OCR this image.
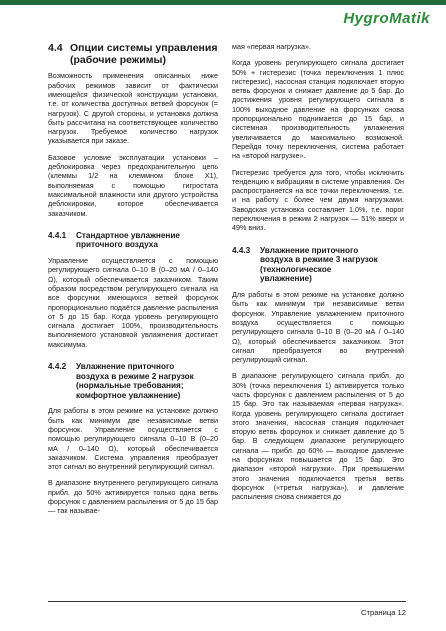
HygroMatik
4.4 Опции системы управления (рабочие режимы)

Возможность применения описанных ниже рабочих режимов зависит от фактически имеющейся физической конструкции установки, т.е. от количества доступных ветвей форсунок (= нагрузок). С другой стороны, и установка должна быть рассчитана на соответствующее количество нагрузок. Требуемое количество нагрузок указывается при заказе.

Базовое условие эксплуатации установки – деблокировка через предохранительную цепь (клеммы 1/2 на клеммном блоке X1), выполняемая с помощью гигростата максимальной влажности или другого устройства деблокировки, которое обеспечивается заказчиком.

4.4.1	Стандартное увлажнение
приточного воздуха

Управление осуществляется с помощью регулирующего сигнала 0–10 В (0–20 мА / 0–140 Ω), который обеспечивается заказчиком. Таким образом посредством регулирующего сигнала на все форсунки имеющихся ветвей форсунок пропорционально подаётся давление распыления от 5 до 15 бар. Когда уровень регулирующего сигнала достигает 100%, производительность выполняемого установкой увлажнения достигает максимума.

4.4.2	Увлажнение приточного
воздуха в режиме 2 нагрузок
(нормальные требования;
комфортное увлажнение)

Для работы в этом режиме на установке должно быть как минимум две независимые ветви форсунок. Управление осуществляется с помощью регулирующего сигнала 0–10 В (0–20 мА / 0–140 Ω), который обеспечивается заказчиком. Система управления преобразует этот сигнал во внутренний регулирующий сигнал.

В диапазоне внутреннего регулирующего сигнала прибл. до 50% активируется только одна ветвь форсунок с давлением распыления от 5 до 15 бар — так называе-

мая «первая нагрузка».

Когда уровень регулирующего сигнала достигает 50% + гистерезис (точка переключения 1 плюс гистерезис), насосная станция подключает вторую ветвь форсунок и снижает давление до 5 бар. До достижения уровня регулирующего сигнала в 100% выходное давление на форсунках снова пропорционально поднимается до 15 бар, и системная производительность увлажнения увеличивается до максимально возможной. Перейдя точку переключения, система работает на «второй нагрузке».

Гистерезис требуется для того, чтобы исключить тенденцию к вибрациям в системе управления. Он распространяется на все точки переключения, т.е. и на работу с более чем двумя нагрузками. Заводская установка составляет 1,0%, т.е. порог переключения в режим 2 нагрузок — 51% вверх и 49% вниз.

4.4.3	Увлажнение приточного
воздуха в режиме 3 нагрузок
(технологическое
увлажнение)

Для работы в этом режиме на установке должно быть как минимум три независимые ветви форсунок. Управление увлажнением приточного воздуха осуществляется с помощью регулирующего сигнала 0–10 В (0–20 мА / 0–140 Ω), который обеспечивается заказчиком. Этот сигнал преобразуется во внутренний регулирующий сигнал.

В диапазоне регулирующего сигнала прибл. до 30% (точка переключения 1) активируется только часть форсунок с давлением распыления от 5 до 15 бар. Это так называемая «первая нагрузка». Когда уровень регулирующего сигнала достигает этого значения, насосная станция подключает вторую ветвь форсунок и снижает давление до 5 бар. В следующем диапазоне регулирующего сигнала — прибл. до 60% — выходное давление на форсунках повышается до 15 бар. Это диапазон «второй нагрузки». При превышении этого значения подключается третья ветвь форсунок («третья нагрузка»), и давление распыления снова снижается до

Страница 12
